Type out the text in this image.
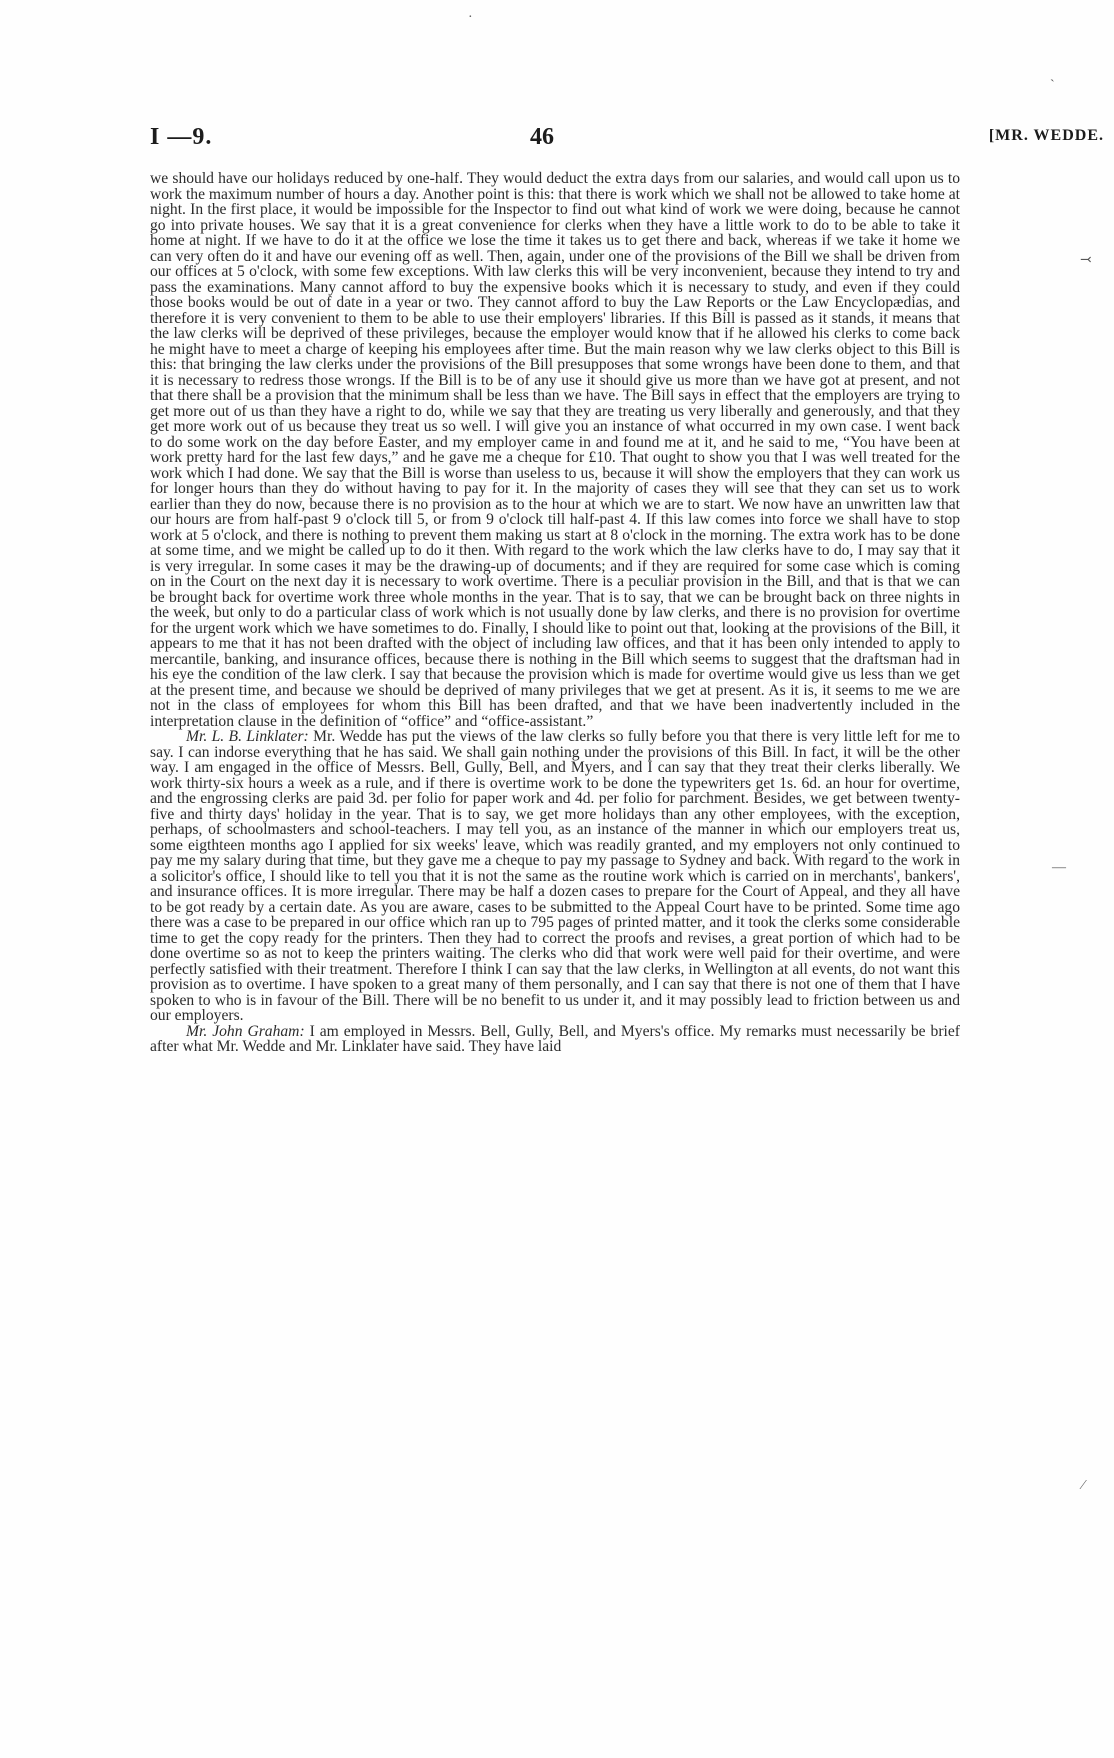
I —9.	46	[MR. WEDDE.

we should have our holidays reduced by one-half. They would deduct the extra days from our salaries, and would call upon us to work the maximum number of hours a day. Another point is this: that there is work which we shall not be allowed to take home at night. In the first place, it would be impossible for the Inspector to find out what kind of work we were doing, because he cannot go into private houses. We say that it is a great convenience for clerks when they have a little work to do to be able to take it home at night. If we have to do it at the office we lose the time it takes us to get there and back, whereas if we take it home we can very often do it and have our evening off as well. Then, again, under one of the provisions of the Bill we shall be driven from our offices at 5 o'clock, with some few exceptions. With law clerks this will be very inconvenient, because they intend to try and pass the examinations. Many cannot afford to buy the expensive books which it is necessary to study, and even if they could those books would be out of date in a year or two. They cannot afford to buy the Law Reports or the Law Encyclopædias, and therefore it is very convenient to them to be able to use their employers' libraries. If this Bill is passed as it stands, it means that the law clerks will be deprived of these privileges, because the employer would know that if he allowed his clerks to come back he might have to meet a charge of keeping his employees after time. But the main reason why we law clerks object to this Bill is this: that bringing the law clerks under the provisions of the Bill presupposes that some wrongs have been done to them, and that it is necessary to redress those wrongs. If the Bill is to be of any use it should give us more than we have got at present, and not that there shall be a provision that the minimum shall be less than we have. The Bill says in effect that the employers are trying to get more out of us than they have a right to do, while we say that they are treating us very liberally and generously, and that they get more work out of us because they treat us so well. I will give you an instance of what occurred in my own case. I went back to do some work on the day before Easter, and my employer came in and found me at it, and he said to me, “You have been at work pretty hard for the last few days,” and he gave me a cheque for £10. That ought to show you that I was well treated for the work which I had done. We say that the Bill is worse than useless to us, because it will show the employers that they can work us for longer hours than they do without having to pay for it. In the majority of cases they will see that they can set us to work earlier than they do now, because there is no provision as to the hour at which we are to start. We now have an unwritten law that our hours are from half-past 9 o'clock till 5, or from 9 o'clock till half-past 4. If this law comes into force we shall have to stop work at 5 o'clock, and there is nothing to prevent them making us start at 8 o'clock in the morning. The extra work has to be done at some time, and we might be called up to do it then. With regard to the work which the law clerks have to do, I may say that it is very irregular. In some cases it may be the drawing-up of documents; and if they are required for some case which is coming on in the Court on the next day it is necessary to work overtime. There is a peculiar provision in the Bill, and that is that we can be brought back for overtime work three whole months in the year. That is to say, that we can be brought back on three nights in the week, but only to do a particular class of work which is not usually done by law clerks, and there is no provision for overtime for the urgent work which we have sometimes to do. Finally, I should like to point out that, looking at the provisions of the Bill, it appears to me that it has not been drafted with the object of including law offices, and that it has been only intended to apply to mercantile, banking, and insurance offices, because there is nothing in the Bill which seems to suggest that the draftsman had in his eye the condition of the law clerk. I say that because the provision which is made for overtime would give us less than we get at the present time, and because we should be deprived of many privileges that we get at present. As it is, it seems to me we are not in the class of employees for whom this Bill has been drafted, and that we have been inadvertently included in the interpretation clause in the definition of “office” and “office-assistant.”

Mr. L. B. Linklater: Mr. Wedde has put the views of the law clerks so fully before you that there is very little left for me to say. I can indorse everything that he has said. We shall gain nothing under the provisions of this Bill. In fact, it will be the other way. I am engaged in the office of Messrs. Bell, Gully, Bell, and Myers, and I can say that they treat their clerks liberally. We work thirty-six hours a week as a rule, and if there is overtime work to be done the typewriters get 1s. 6d. an hour for overtime, and the engrossing clerks are paid 3d. per folio for paper work and 4d. per folio for parchment. Besides, we get between twenty-five and thirty days' holiday in the year. That is to say, we get more holidays than any other employees, with the exception, perhaps, of schoolmasters and school-teachers. I may tell you, as an instance of the manner in which our employers treat us, some eigthteen months ago I applied for six weeks' leave, which was readily granted, and my employers not only continued to pay me my salary during that time, but they gave me a cheque to pay my passage to Sydney and back. With regard to the work in a solicitor's office, I should like to tell you that it is not the same as the routine work which is carried on in merchants', bankers', and insurance offices. It is more irregular. There may be half a dozen cases to prepare for the Court of Appeal, and they all have to be got ready by a certain date. As you are aware, cases to be submitted to the Appeal Court have to be printed. Some time ago there was a case to be prepared in our office which ran up to 795 pages of printed matter, and it took the clerks some considerable time to get the copy ready for the printers. Then they had to correct the proofs and revises, a great portion of which had to be done overtime so as not to keep the printers waiting. The clerks who did that work were well paid for their overtime, and were perfectly satisfied with their treatment. Therefore I think I can say that the law clerks, in Wellington at all events, do not want this provision as to overtime. I have spoken to a great many of them personally, and I can say that there is not one of them that I have spoken to who is in favour of the Bill. There will be no benefit to us under it, and it may possibly lead to friction between us and our employers.

Mr. John Graham: I am employed in Messrs. Bell, Gully, Bell, and Myers's office. My remarks must necessarily be brief after what Mr. Wedde and Mr. Linklater have said. They have laid

·
ˋ
⤙
—
⁄
